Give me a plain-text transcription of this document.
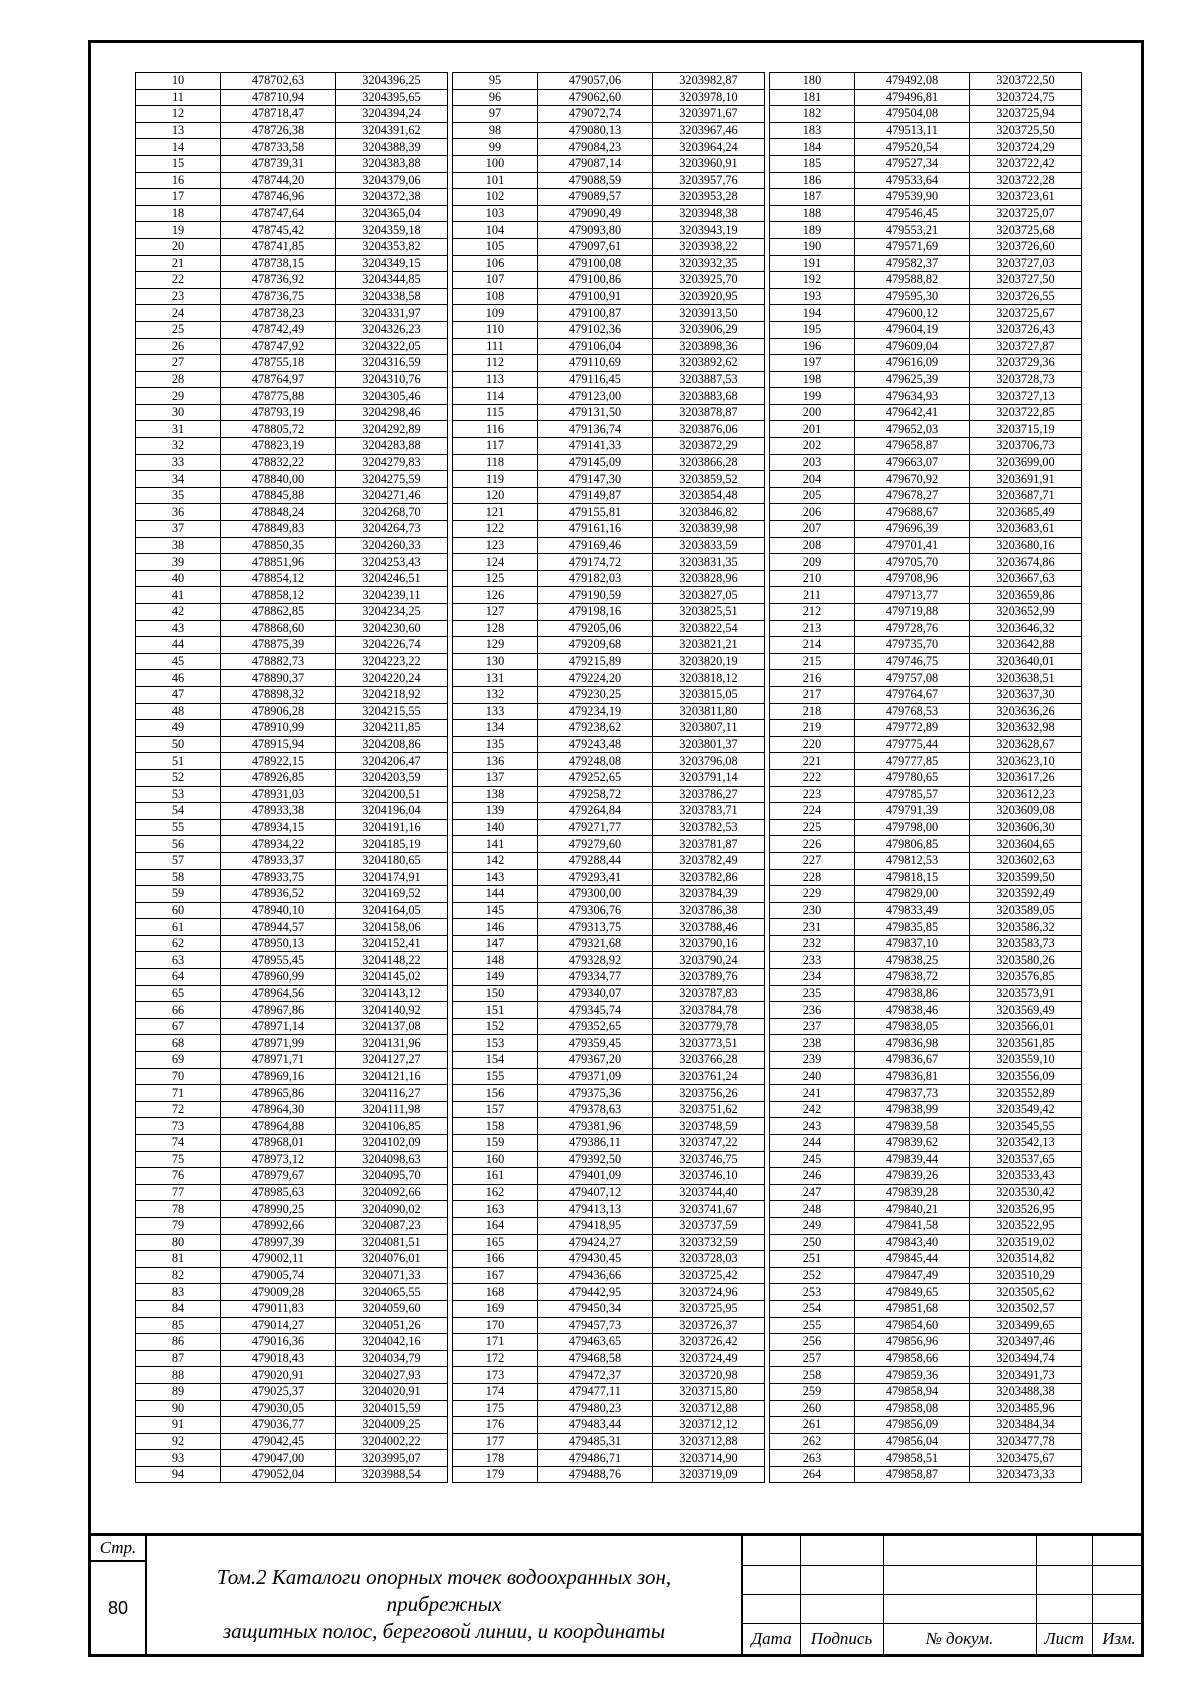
10	478702,63	3204396,25
11	478710,94	3204395,65
12	478718,47	3204394,24
13	478726,38	3204391,62
14	478733,58	3204388,39
15	478739,31	3204383,88
16	478744,20	3204379,06
17	478746,96	3204372,38
18	478747,64	3204365,04
19	478745,42	3204359,18
20	478741,85	3204353,82
21	478738,15	3204349,15
22	478736,92	3204344,85
23	478736,75	3204338,58
24	478738,23	3204331,97
25	478742,49	3204326,23
26	478747,92	3204322,05
27	478755,18	3204316,59
28	478764,97	3204310,76
29	478775,88	3204305,46
30	478793,19	3204298,46
31	478805,72	3204292,89
32	478823,19	3204283,88
33	478832,22	3204279,83
34	478840,00	3204275,59
35	478845,88	3204271,46
36	478848,24	3204268,70
37	478849,83	3204264,73
38	478850,35	3204260,33
39	478851,96	3204253,43
40	478854,12	3204246,51
41	478858,12	3204239,11
42	478862,85	3204234,25
43	478868,60	3204230,60
44	478875,39	3204226,74
45	478882,73	3204223,22
46	478890,37	3204220,24
47	478898,32	3204218,92
48	478906,28	3204215,55
49	478910,99	3204211,85
50	478915,94	3204208,86
51	478922,15	3204206,47
52	478926,85	3204203,59
53	478931,03	3204200,51
54	478933,38	3204196,04
55	478934,15	3204191,16
56	478934,22	3204185,19
57	478933,37	3204180,65
58	478933,75	3204174,91
59	478936,52	3204169,52
60	478940,10	3204164,05
61	478944,57	3204158,06
62	478950,13	3204152,41
63	478955,45	3204148,22
64	478960,99	3204145,02
65	478964,56	3204143,12
66	478967,86	3204140,92
67	478971,14	3204137,08
68	478971,99	3204131,96
69	478971,71	3204127,27
70	478969,16	3204121,16
71	478965,86	3204116,27
72	478964,30	3204111,98
73	478964,88	3204106,85
74	478968,01	3204102,09
75	478973,12	3204098,63
76	478979,67	3204095,70
77	478985,63	3204092,66
78	478990,25	3204090,02
79	478992,66	3204087,23
80	478997,39	3204081,51
81	479002,11	3204076,01
82	479005,74	3204071,33
83	479009,28	3204065,55
84	479011,83	3204059,60
85	479014,27	3204051,26
86	479016,36	3204042,16
87	479018,43	3204034,79
88	479020,91	3204027,93
89	479025,37	3204020,91
90	479030,05	3204015,59
91	479036,77	3204009,25
92	479042,45	3204002,22
93	479047,00	3203995,07
94	479052,04	3203988,54
95	479057,06	3203982,87
96	479062,60	3203978,10
97	479072,74	3203971,67
98	479080,13	3203967,46
99	479084,23	3203964,24
100	479087,14	3203960,91
101	479088,59	3203957,76
102	479089,57	3203953,28
103	479090,49	3203948,38
104	479093,80	3203943,19
105	479097,61	3203938,22
106	479100,08	3203932,35
107	479100,86	3203925,70
108	479100,91	3203920,95
109	479100,87	3203913,50
110	479102,36	3203906,29
111	479106,04	3203898,36
112	479110,69	3203892,62
113	479116,45	3203887,53
114	479123,00	3203883,68
115	479131,50	3203878,87
116	479136,74	3203876,06
117	479141,33	3203872,29
118	479145,09	3203866,28
119	479147,30	3203859,52
120	479149,87	3203854,48
121	479155,81	3203846,82
122	479161,16	3203839,98
123	479169,46	3203833,59
124	479174,72	3203831,35
125	479182,03	3203828,96
126	479190,59	3203827,05
127	479198,16	3203825,51
128	479205,06	3203822,54
129	479209,68	3203821,21
130	479215,89	3203820,19
131	479224,20	3203818,12
132	479230,25	3203815,05
133	479234,19	3203811,80
134	479238,62	3203807,11
135	479243,48	3203801,37
136	479248,08	3203796,08
137	479252,65	3203791,14
138	479258,72	3203786,27
139	479264,84	3203783,71
140	479271,77	3203782,53
141	479279,60	3203781,87
142	479288,44	3203782,49
143	479293,41	3203782,86
144	479300,00	3203784,39
145	479306,76	3203786,38
146	479313,75	3203788,46
147	479321,68	3203790,16
148	479328,92	3203790,24
149	479334,77	3203789,76
150	479340,07	3203787,83
151	479345,74	3203784,78
152	479352,65	3203779,78
153	479359,45	3203773,51
154	479367,20	3203766,28
155	479371,09	3203761,24
156	479375,36	3203756,26
157	479378,63	3203751,62
158	479381,96	3203748,59
159	479386,11	3203747,22
160	479392,50	3203746,75
161	479401,09	3203746,10
162	479407,12	3203744,40
163	479413,13	3203741,67
164	479418,95	3203737,59
165	479424,27	3203732,59
166	479430,45	3203728,03
167	479436,66	3203725,42
168	479442,95	3203724,96
169	479450,34	3203725,95
170	479457,73	3203726,37
171	479463,65	3203726,42
172	479468,58	3203724,49
173	479472,37	3203720,98
174	479477,11	3203715,80
175	479480,23	3203712,88
176	479483,44	3203712,12
177	479485,31	3203712,88
178	479486,71	3203714,90
179	479488,76	3203719,09
180	479492,08	3203722,50
181	479496,81	3203724,75
182	479504,08	3203725,94
183	479513,11	3203725,50
184	479520,54	3203724,29
185	479527,34	3203722,42
186	479533,64	3203722,28
187	479539,90	3203723,61
188	479546,45	3203725,07
189	479553,21	3203725,68
190	479571,69	3203726,60
191	479582,37	3203727,03
192	479588,82	3203727,50
193	479595,30	3203726,55
194	479600,12	3203725,67
195	479604,19	3203726,43
196	479609,04	3203727,87
197	479616,09	3203729,36
198	479625,39	3203728,73
199	479634,93	3203727,13
200	479642,41	3203722,85
201	479652,03	3203715,19
202	479658,87	3203706,73
203	479663,07	3203699,00
204	479670,92	3203691,91
205	479678,27	3203687,71
206	479688,67	3203685,49
207	479696,39	3203683,61
208	479701,41	3203680,16
209	479705,70	3203674,86
210	479708,96	3203667,63
211	479713,77	3203659,86
212	479719,88	3203652,99
213	479728,76	3203646,32
214	479735,70	3203642,88
215	479746,75	3203640,01
216	479757,08	3203638,51
217	479764,67	3203637,30
218	479768,53	3203636,26
219	479772,89	3203632,98
220	479775,44	3203628,67
221	479777,85	3203623,10
222	479780,65	3203617,26
223	479785,57	3203612,23
224	479791,39	3203609,08
225	479798,00	3203606,30
226	479806,85	3203604,65
227	479812,53	3203602,63
228	479818,15	3203599,50
229	479829,00	3203592,49
230	479833,49	3203589,05
231	479835,85	3203586,32
232	479837,10	3203583,73
233	479838,25	3203580,26
234	479838,72	3203576,85
235	479838,86	3203573,91
236	479838,46	3203569,49
237	479838,05	3203566,01
238	479836,98	3203561,85
239	479836,67	3203559,10
240	479836,81	3203556,09
241	479837,73	3203552,89
242	479838,99	3203549,42
243	479839,58	3203545,55
244	479839,62	3203542,13
245	479839,44	3203537,65
246	479839,26	3203533,43
247	479839,28	3203530,42
248	479840,21	3203526,95
249	479841,58	3203522,95
250	479843,40	3203519,02
251	479845,44	3203514,82
252	479847,49	3203510,29
253	479849,65	3203505,62
254	479851,68	3203502,57
255	479854,60	3203499,65
256	479856,96	3203497,46
257	479858,66	3203494,74
258	479859,36	3203491,73
259	479858,94	3203488,38
260	479858,08	3203485,96
261	479856,09	3203484,34
262	479856,04	3203477,78
263	479858,51	3203475,67
264	479858,87	3203473,33
Стр.
80
Том.2 Каталоги опорных точек водоохранных зон, прибрежных
защитных полос, береговой линии, и координаты	Дата	Подпись	№ докум.	Лист	Изм.
